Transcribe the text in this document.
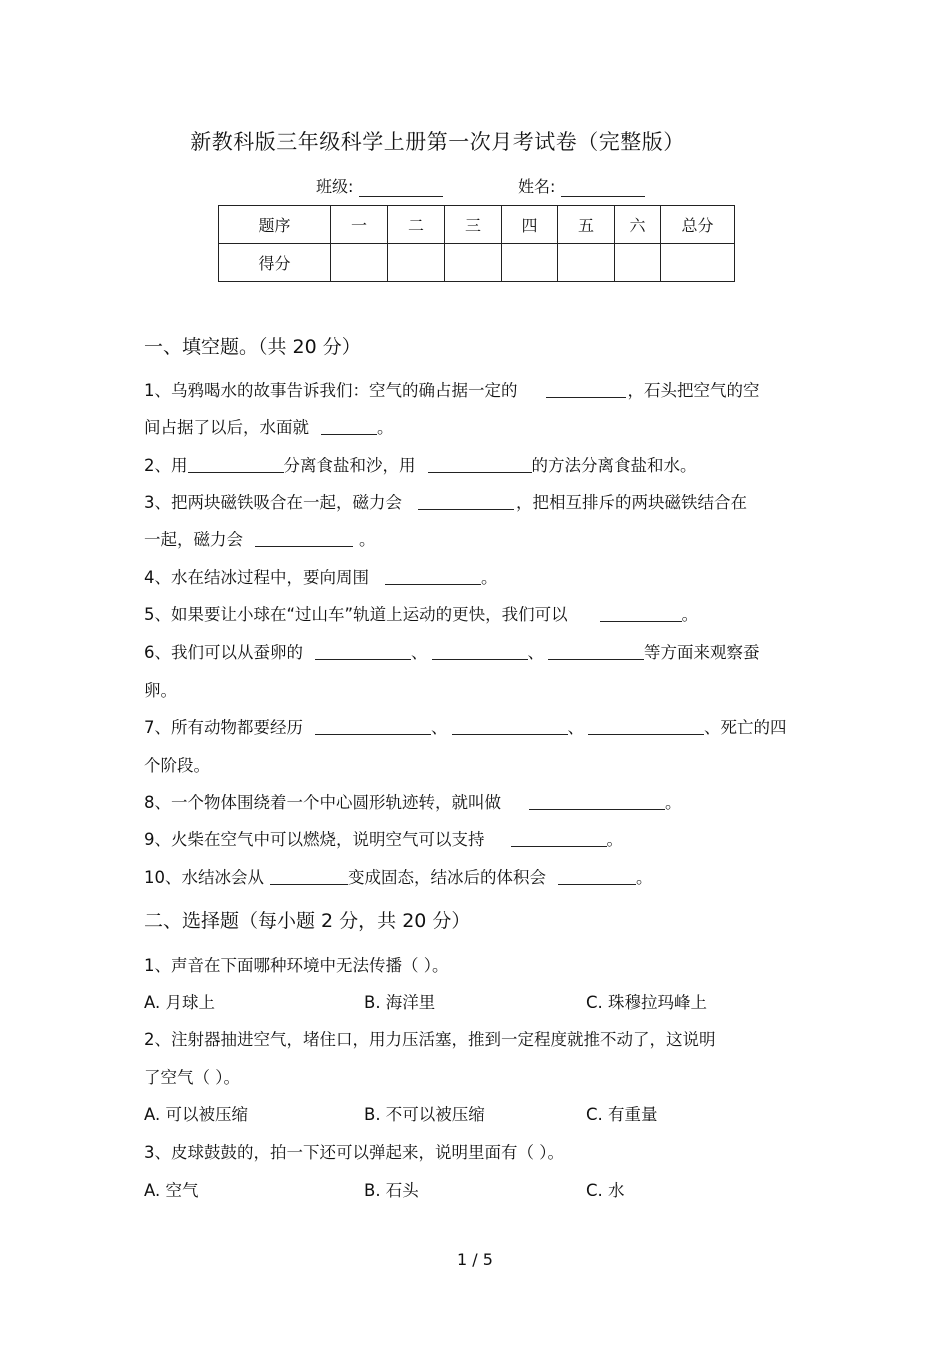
新教科版三年级科学上册第一次月考试卷（完整版）
班级:	姓名:
题序	一	二	三	四	五	六	总分
得分							
一、填空题。（共 20 分）
1、乌鸦喝水的故事告诉我们：空气的确占据一定的	，石头把空气的空
间占据了以后，水面就	。
2、用	分离食盐和沙，用	的方法分离食盐和水。
3、把两块磁铁吸合在一起，磁力会	，把相互排斥的两块磁铁结合在
一起，磁力会	。
4、水在结冰过程中，要向周围	。
5、如果要让小球在“过山车”轨道上运动的更快，我们可以	。
6、我们可以从蚕卵的	、	、	等方面来观察蚕
卵。
7、所有动物都要经历	、	、	、死亡的四
个阶段。
8、一个物体围绕着一个中心圆形轨迹转，就叫做	。
9、火柴在空气中可以燃烧，说明空气可以支持	。
10、水结冰会从	变成固态，结冰后的体积会	。
二、选择题（每小题 2 分，共 20 分）
1、声音在下面哪种环境中无法传播（ ）。
A. 月球上	B. 海洋里	C. 珠穆拉玛峰上
2、注射器抽进空气，堵住口，用力压活塞，推到一定程度就推不动了，这说明
了空气（ ）。
A. 可以被压缩	B. 不可以被压缩	C. 有重量
3、皮球鼓鼓的，拍一下还可以弹起来，说明里面有（ ）。
A. 空气	B. 石头	C. 水
1 / 5
